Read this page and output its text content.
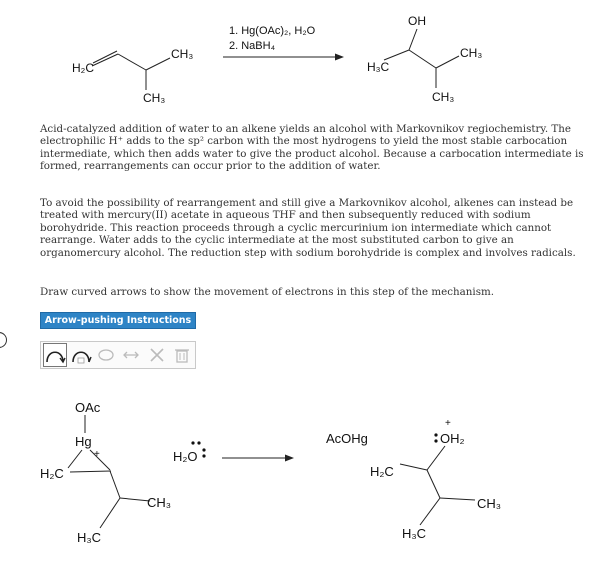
H₂C
CH₃
CH₃
1. Hg(OAc)₂, H₂O
2. NaBH₄
OH
H₃C
CH₃
CH₃
OAc
Hg
+
H₂C
CH₃
H₃C
H₂O
AcOHg	OH₂
+
H₂C
CH₃
H₃C

Acid-catalyzed addition of water to an alkene yields an alcohol with Markovnikov regiochemistry. The electrophilic H⁺ adds to the sp² carbon with the most hydrogens to yield the most stable carbocation intermediate, which then adds water to give the product alcohol. Because a carbocation intermediate is formed, rearrangements can occur prior to the addition of water.

To avoid the possibility of rearrangement and still give a Markovnikov alcohol, alkenes can instead be treated with mercury(II) acetate in aqueous THF and then subsequently reduced with sodium borohydride. This reaction proceeds through a cyclic mercurinium ion intermediate which cannot rearrange. Water adds to the cyclic intermediate at the most substituted carbon to give an organomercury alcohol. The reduction step with sodium borohydride is complex and involves radicals.

Draw curved arrows to show the movement of electrons in this step of the mechanism.

Arrow-pushing Instructions
